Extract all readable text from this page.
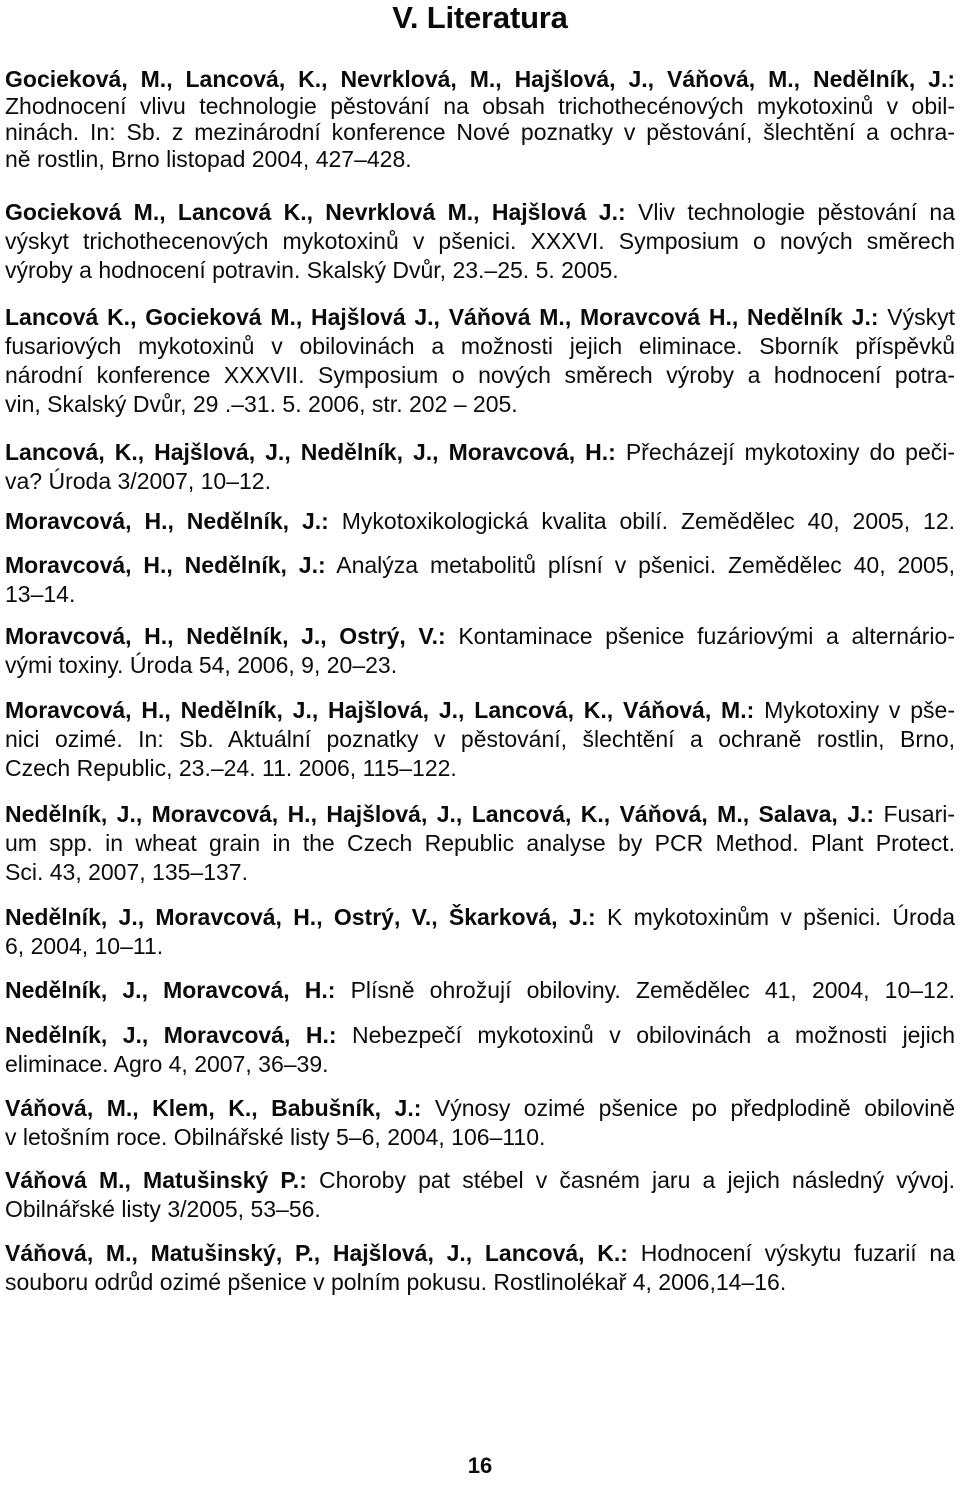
V. Literatura
Gocieková, M., Lancová, K., Nevrklová, M., Hajšlová, J., Váňová, M., Nedělník, J.:
Zhodnocení vlivu technologie pěstování na obsah trichothecénových mykotoxinů v obil-
ninách. In: Sb. z mezinárodní konference Nové poznatky v pěstování, šlechtění a ochra-
ně rostlin, Brno listopad 2004, 427–428.
Gocieková M., Lancová K., Nevrklová M., Hajšlová J.: Vliv technologie pěstování na
výskyt trichothecenových mykotoxinů v pšenici. XXXVI. Symposium o nových směrech
výroby a hodnocení potravin. Skalský Dvůr, 23.–25. 5. 2005.
Lancová K., Gocieková M., Hajšlová J., Váňová M., Moravcová H., Nedělník J.: Výskyt
fusariových mykotoxinů v obilovinách a možnosti jejich eliminace. Sborník příspěvků
národní konference XXXVII. Symposium o nových směrech výroby a hodnocení potra-
vin, Skalský Dvůr, 29 .–31. 5. 2006, str. 202 – 205.
Lancová, K., Hajšlová, J., Nedělník, J., Moravcová, H.: Přecházejí mykotoxiny do peči-
va? Úroda 3/2007, 10–12.
Moravcová, H., Nedělník, J.: Mykotoxikologická kvalita obilí. Zemědělec 40, 2005, 12.
Moravcová, H., Nedělník, J.: Analýza metabolitů plísní v pšenici. Zemědělec 40, 2005,
13–14.
Moravcová, H., Nedělník, J., Ostrý, V.: Kontaminace pšenice fuzáriovými a alternário-
vými toxiny. Úroda 54, 2006, 9, 20–23.
Moravcová, H., Nedělník, J., Hajšlová, J., Lancová, K., Váňová, M.: Mykotoxiny v pše-
nici ozimé. In: Sb. Aktuální poznatky v pěstování, šlechtění a ochraně rostlin, Brno,
Czech Republic, 23.–24. 11. 2006, 115–122.
Nedělník, J., Moravcová, H., Hajšlová, J., Lancová, K., Váňová, M., Salava, J.: Fusari-
um spp. in wheat grain in the Czech Republic analyse by PCR Method. Plant Protect.
Sci. 43, 2007, 135–137.
Nedělník, J., Moravcová, H., Ostrý, V., Škarková, J.: K mykotoxinům v pšenici. Úroda
6, 2004, 10–11.
Nedělník, J., Moravcová, H.: Plísně ohrožují obiloviny. Zemědělec 41, 2004, 10–12.
Nedělník, J., Moravcová, H.: Nebezpečí mykotoxinů v obilovinách a možnosti jejich
eliminace. Agro 4, 2007, 36–39.
Váňová, M., Klem, K., Babušník, J.: Výnosy ozimé pšenice po předplodině obilovině
v letošním roce. Obilnářské listy 5–6, 2004, 106–110.
Váňová M., Matušinský P.: Choroby pat stébel v časném jaru a jejich následný vývoj.
Obilnářské listy 3/2005, 53–56.
Váňová, M., Matušinský, P., Hajšlová, J., Lancová, K.: Hodnocení výskytu fuzarií na
souboru odrůd ozimé pšenice v polním pokusu. Rostlinolékař 4, 2006,14–16.
16
